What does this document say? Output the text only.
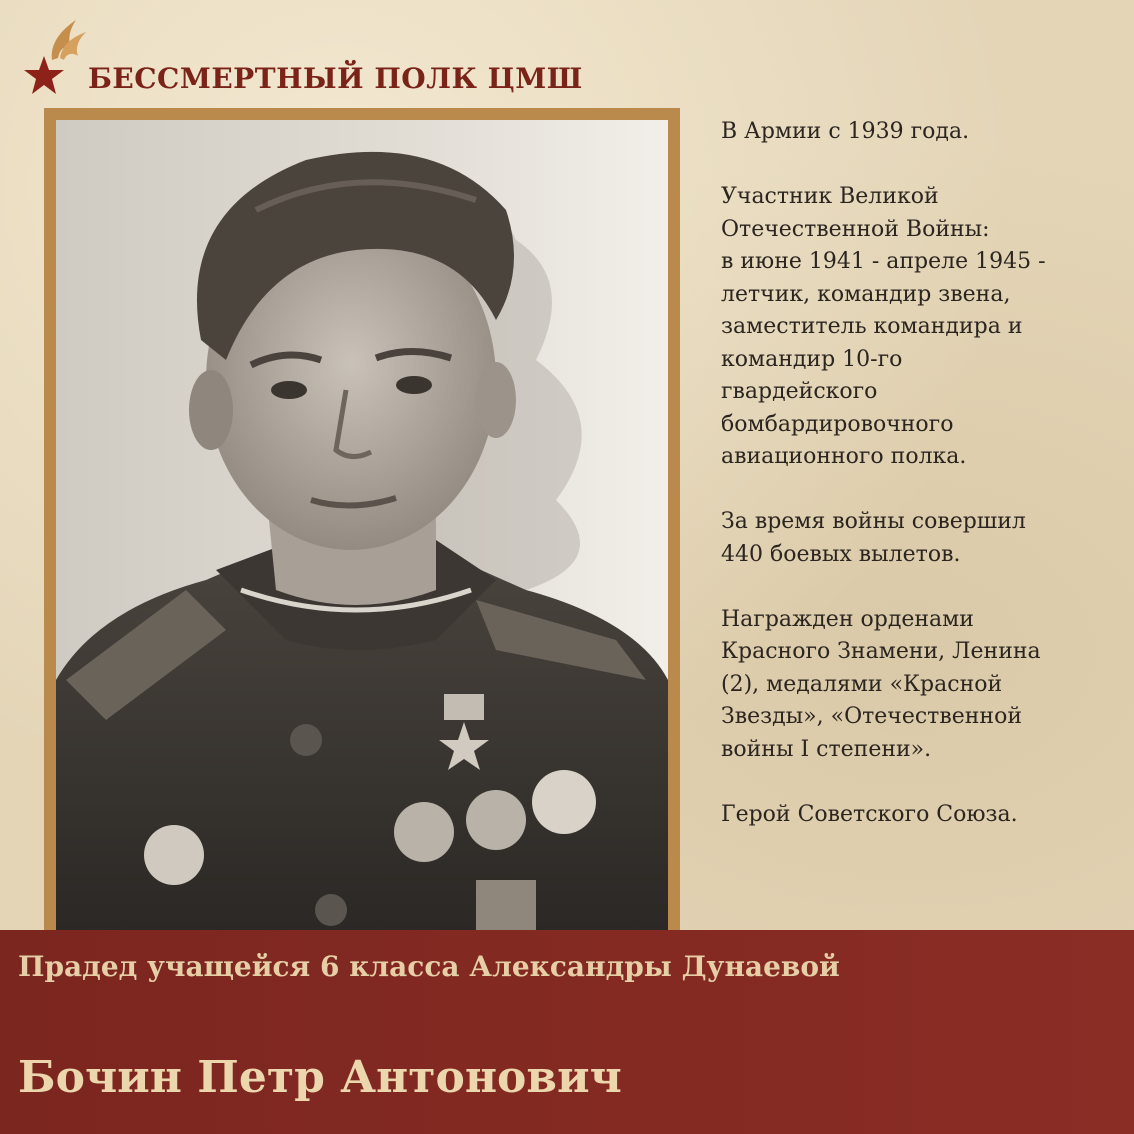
БЕССМЕРТНЫЙ ПОЛК ЦМШ

В Армии с 1939 года.

Участник Великой
Отечественной Войны:
в июне 1941 - апреле 1945 -
летчик, командир звена,
заместитель командира и
командир 10-го
гвардейского
бомбардировочного
авиационного полка.

За время войны совершил
440 боевых вылетов.

Награжден орденами
Красного Знамени, Ленина
(2), медалями «Красной
Звезды», «Отечественной
войны I степени».

Герой Советского Союза.

Прадед учащейся 6 класса Александры Дунаевой
Бочин Петр Антонович
